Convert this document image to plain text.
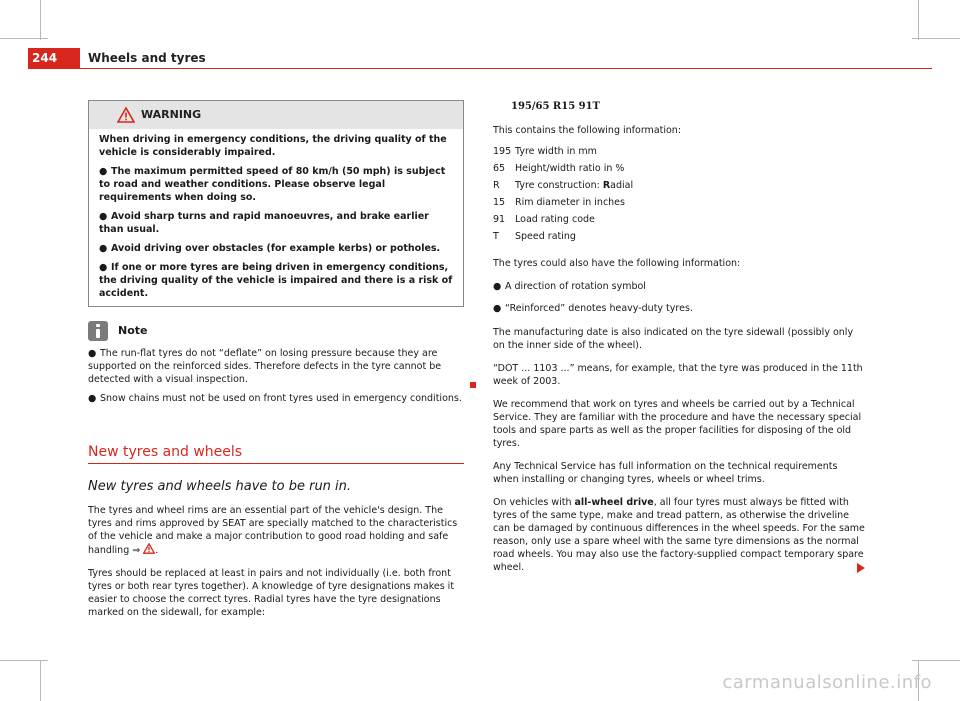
244	Wheels and tyres
WARNING

When driving in emergency conditions, the driving quality of the vehicle is considerably impaired.

● The maximum permitted speed of 80 km/h (50 mph) is subject to road and weather conditions. Please observe legal requirements when doing so.

● Avoid sharp turns and rapid manoeuvres, and brake earlier than usual.

● Avoid driving over obstacles (for example kerbs) or potholes.

● If one or more tyres are being driven in emergency conditions, the driving quality of the vehicle is impaired and there is a risk of accident.

Note

● The run-flat tyres do not “deflate” on losing pressure because they are supported on the reinforced sides. Therefore defects in the tyre cannot be detected with a visual inspection.

● Snow chains must not be used on front tyres used in emergency conditions.

New tyres and wheels
New tyres and wheels have to be run in.

The tyres and wheel rims are an essential part of the vehicle's design. The tyres and rims approved by SEAT are specially matched to the characteristics of the vehicle and make a major contribution to good road holding and safe handling ⇒ .

Tyres should be replaced at least in pairs and not individually (i.e. both front tyres or both rear tyres together). A knowledge of tyre designations makes it easier to choose the correct tyres. Radial tyres have the tyre designations marked on the sidewall, for example:

195/65 R15 91T

This contains the following information:

195 Tyre width in mm
65	Height/width ratio in %
R	Tyre construction: Radial
15	Rim diameter in inches
91	Load rating code
T	Speed rating

The tyres could also have the following information:

● A direction of rotation symbol

● “Reinforced” denotes heavy-duty tyres.

The manufacturing date is also indicated on the tyre sidewall (possibly only on the inner side of the wheel).

“DOT ... 1103 ...” means, for example, that the tyre was produced in the 11th week of 2003.

We recommend that work on tyres and wheels be carried out by a Technical Service. They are familiar with the procedure and have the necessary special tools and spare parts as well as the proper facilities for disposing of the old tyres.

Any Technical Service has full information on the technical requirements when installing or changing tyres, wheels or wheel trims.

On vehicles with all-wheel drive, all four tyres must always be fitted with tyres of the same type, make and tread pattern, as otherwise the driveline can be damaged by continuous differences in the wheel speeds. For the same reason, only use a spare wheel with the same tyre dimensions as the normal road wheels. You may also use the factory-supplied compact temporary spare wheel.

carmanualsonline.info
